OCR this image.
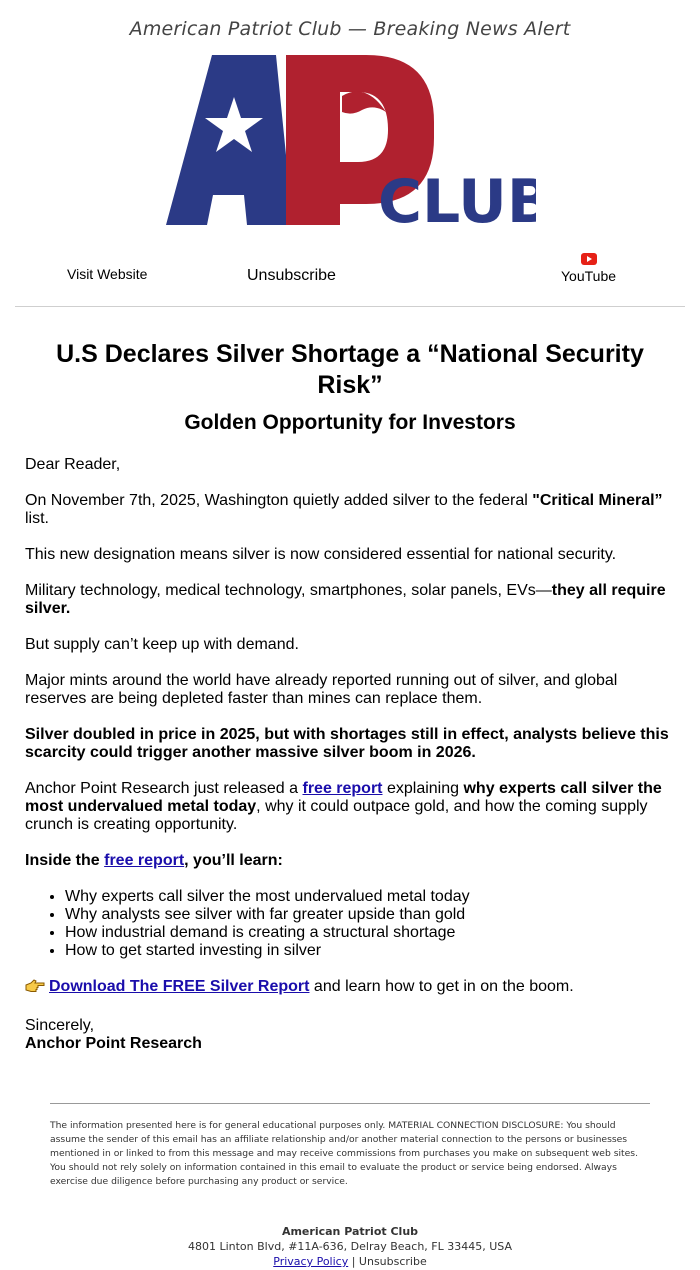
American Patriot Club — Breaking News Alert
CLUB
Visit Website	Unsubscribe	YouTube
U.S Declares Silver Shortage a “National Security Risk”
Golden Opportunity for Investors

Dear Reader,

On November 7th, 2025, Washington quietly added silver to the federal "Critical Mineral” list.

This new designation means silver is now considered essential for national security.

Military technology, medical technology, smartphones, solar panels, EVs—they all require silver.

But supply can’t keep up with demand.

Major mints around the world have already reported running out of silver, and global reserves are being depleted faster than mines can replace them.

Silver doubled in price in 2025, but with shortages still in effect, analysts believe this scarcity could trigger another massive silver boom in 2026.

Anchor Point Research just released a free report explaining why experts call silver the most undervalued metal today, why it could outpace gold, and how the coming supply crunch is creating opportunity.

Inside the free report, you’ll learn:

• Why experts call silver the most undervalued metal today
• Why analysts see silver with far greater upside than gold
• How industrial demand is creating a structural shortage
• How to get started investing in silver

Download The FREE Silver Report and learn how to get in on the boom.

Sincerely,
Anchor Point Research

The information presented here is for general educational purposes only. MATERIAL CONNECTION DISCLOSURE: You should assume the sender of this email has an affiliate relationship and/or another material connection to the persons or businesses mentioned in or linked to from this message and may receive commissions from purchases you make on subsequent web sites. You should not rely solely on information contained in this email to evaluate the product or service being endorsed. Always exercise due diligence before purchasing any product or service.
American Patriot Club
4801 Linton Blvd, #11A-636, Delray Beach, FL 33445, USA
Privacy Policy | Unsubscribe
